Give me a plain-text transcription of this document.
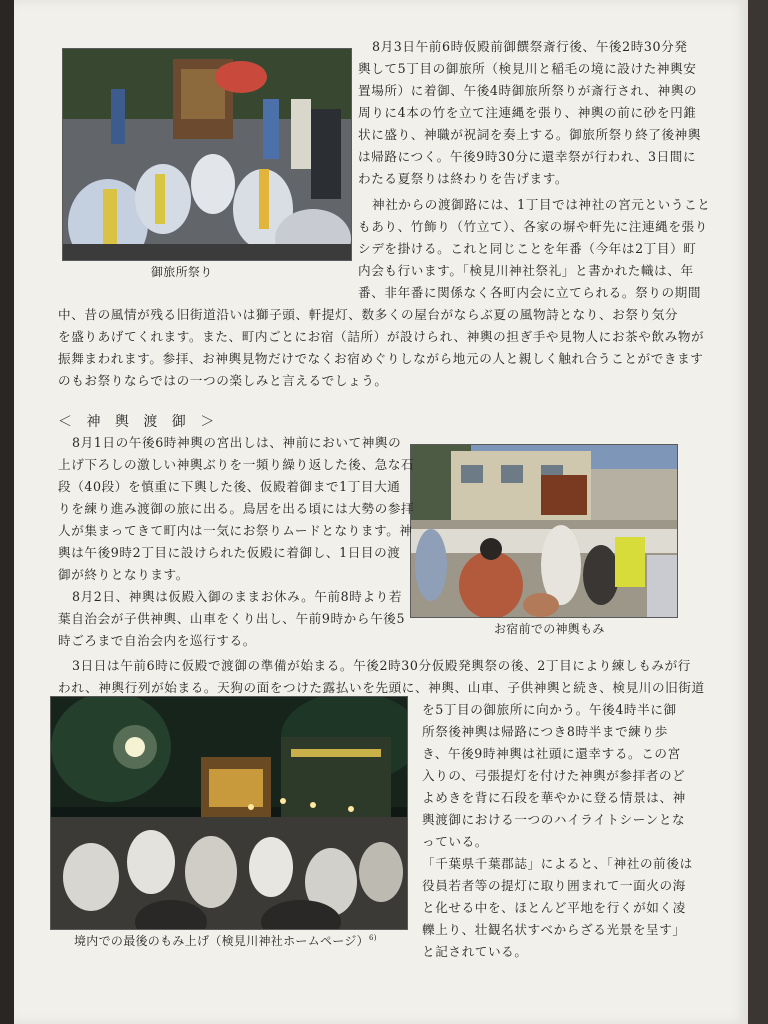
御旅所祭り

8月3日午前6時仮殿前御饌祭斎行後、午後2時30分発

輿して5丁目の御旅所（検見川と稲毛の境に設けた神輿安

置場所）に着御、午後4時御旅所祭りが斎行され、神輿の

周りに4本の竹を立て注連縄を張り、神輿の前に砂を円錐

状に盛り、神職が祝詞を奏上する。御旅所祭り終了後神輿

は帰路につく。午後9時30分に還幸祭が行われ、3日間に

わたる夏祭りは終わりを告げます。

神社からの渡御路には、1丁目では神社の宮元ということ

もあり、竹飾り（竹立て）、各家の塀や軒先に注連縄を張り

シデを掛ける。これと同じことを年番（今年は2丁目）町

内会も行います。「検見川神社祭礼」と書かれた幟は、年

番、非年番に関係なく各町内会に立てられる。祭りの期間

中、昔の風情が残る旧街道沿いは獅子頭、軒提灯、数多くの屋台がならぶ夏の風物詩となり、お祭り気分

を盛りあげてくれます。また、町内ごとにお宿（詰所）が設けられ、神輿の担ぎ手や見物人にお茶や飲み物が

振舞まわれます。参拝、お神輿見物だけでなくお宿めぐりしながら地元の人と親しく触れ合うことができます

のもお祭りならではの一つの楽しみと言えるでしょう。

＜ 神 輿 渡 御 ＞
お宿前での神輿もみ

8月1日の午後6時神輿の宮出しは、神前において神輿の

上げ下ろしの激しい神輿ぶりを一頻り繰り返した後、急な石

段（40段）を慎重に下輿した後、仮殿着御まで1丁目大通

りを練り進み渡御の旅に出る。鳥居を出る頃には大勢の参拝

人が集まってきて町内は一気にお祭りムードとなります。神

輿は午後9時2丁目に設けられた仮殿に着御し、1日目の渡

御が終りとなります。

8月2日、神輿は仮殿入御のままお休み。午前8時より若

葉自治会が子供神輿、山車をくり出し、午前9時から午後5

時ごろまで自治会内を巡行する。

3日日は午前6時に仮殿で渡御の準備が始まる。午後2時30分仮殿発輿祭の後、2丁目により練しもみが行

われ、神輿行列が始まる。天狗の面をつけた露払いを先頭に、神輿、山車、子供神輿と続き、検見川の旧街道

を5丁目の御旅所に向かう。午後4時半に御

所祭後神輿は帰路につき8時半まで練り歩

き、午後9時神輿は社頭に還幸する。この宮

入りの、弓張提灯を付けた神輿が参拝者のど

よめきを背に石段を華やかに登る情景は、神

輿渡御における一つのハイライトシーンとな

っている。

「千葉県千葉郡誌」によると、「神社の前後は

役員若者等の提灯に取り囲まれて一面火の海

と化せる中を、ほとんど平地を行くが如く凌

轢上り、壮観名状すべからざる光景を呈す」

と記されている。

境内での最後のもみ上げ（検見川神社ホームページ）$^{6)}$
